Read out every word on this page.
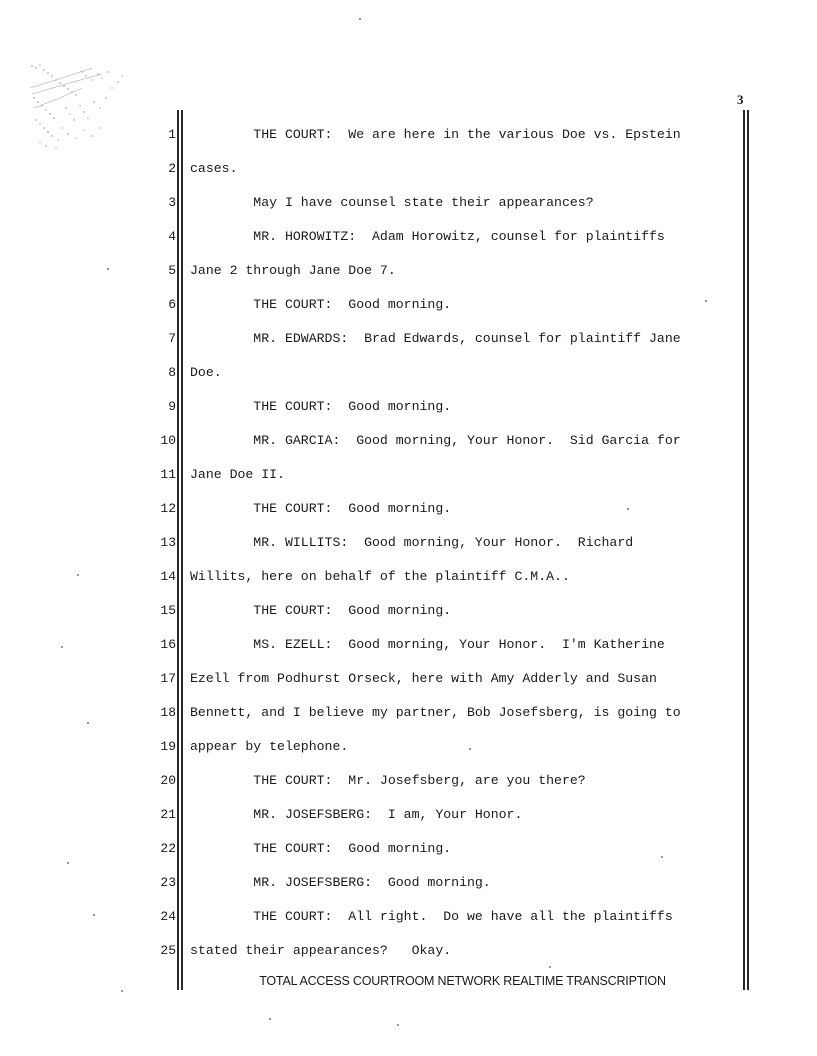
3
1 THE COURT:  We are here in the various Doe vs. Epstein
2 cases.
3 May I have counsel state their appearances?
4 MR. HOROWITZ:  Adam Horowitz, counsel for plaintiffs
5 Jane 2 through Jane Doe 7.
6 THE COURT:  Good morning.
7 MR. EDWARDS:  Brad Edwards, counsel for plaintiff Jane
8 Doe.
9 THE COURT:  Good morning.
10 MR. GARCIA:  Good morning, Your Honor.  Sid Garcia for
11 Jane Doe II.
12 THE COURT:  Good morning.
13 MR. WILLITS:  Good morning, Your Honor.  Richard
14 Willits, here on behalf of the plaintiff C.M.A..
15 THE COURT:  Good morning.
16 MS. EZELL:  Good morning, Your Honor.  I'm Katherine
17 Ezell from Podhurst Orseck, here with Amy Adderly and Susan
18 Bennett, and I believe my partner, Bob Josefsberg, is going to
19 appear by telephone.
20 THE COURT:  Mr. Josefsberg, are you there?
21 MR. JOSEFSBERG:  I am, Your Honor.
22 THE COURT:  Good morning.
23 MR. JOSEFSBERG:  Good morning.
24 THE COURT:  All right.  Do we have all the plaintiffs
25 stated their appearances?   Okay.
TOTAL ACCESS COURTROOM NETWORK REALTIME TRANSCRIPTION
